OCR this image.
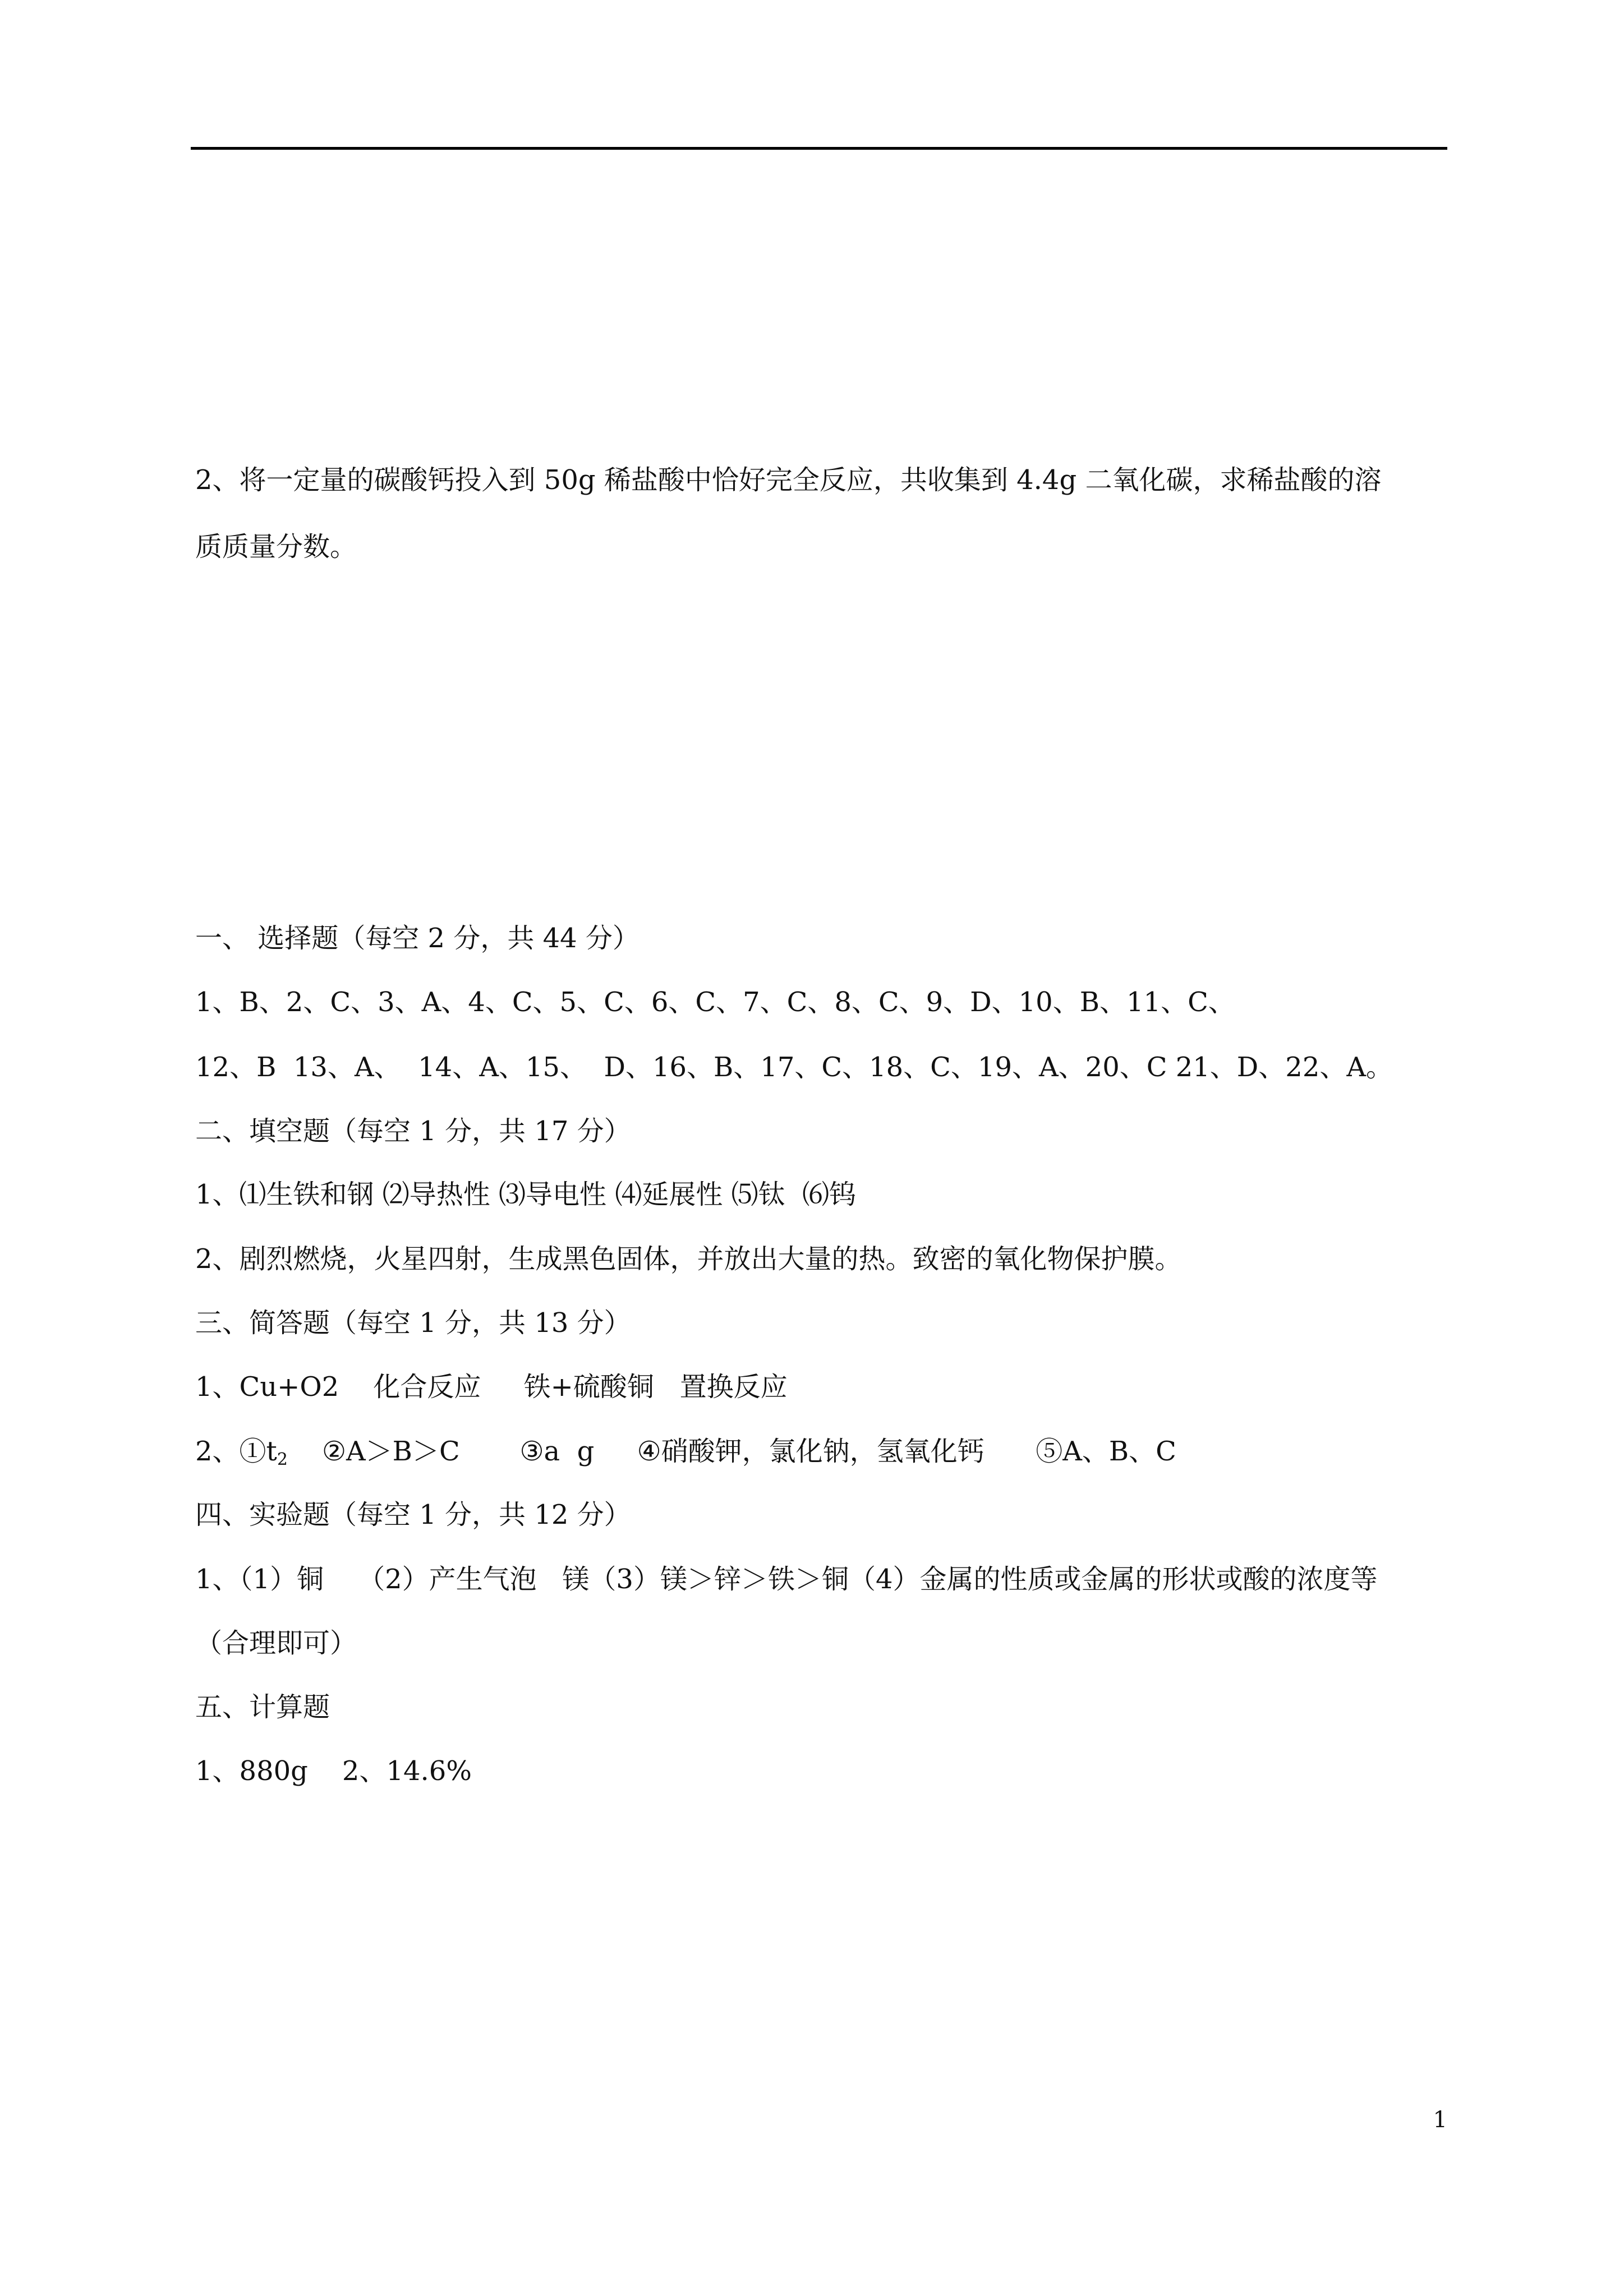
2、将一定量的碳酸钙投入到 50g 稀盐酸中恰好完全反应，共收集到 4.4g 二氧化碳，求稀盐酸的溶
质质量分数。
一、 选择题（每空 2 分，共 44 分）
1、B、2、C、3、A、4、C、5、C、6、C、7、C、8、C、9、D、10、B、11、C、
12、B  13、A、  14、A、15、  D、16、B、17、C、18、C、19、A、20、C 21、D、22、A。
二、填空题（每空 1 分，共 17 分）
1、⑴生铁和钢 ⑵导热性 ⑶导电性 ⑷延展性 ⑸钛  ⑹钨
2、剧烈燃烧，火星四射，生成黑色固体，并放出大量的热。致密的氧化物保护膜。
三、简答题（每空 1 分，共 13 分）
1、Cu+O2    化合反应     铁+硫酸铜   置换反应
2、$①t_2$    ②A＞B＞C       ③a  g     ④硝酸钾，氯化钠，氢氧化钙      ⑤A、B、C
四、实验题（每空 1 分，共 12 分）
1、（1）铜    （2）产生气泡   镁（3）镁＞锌＞铁＞铜（4）金属的性质或金属的形状或酸的浓度等
（合理即可）
五、计算题
1、880g    2、14.6%
1
